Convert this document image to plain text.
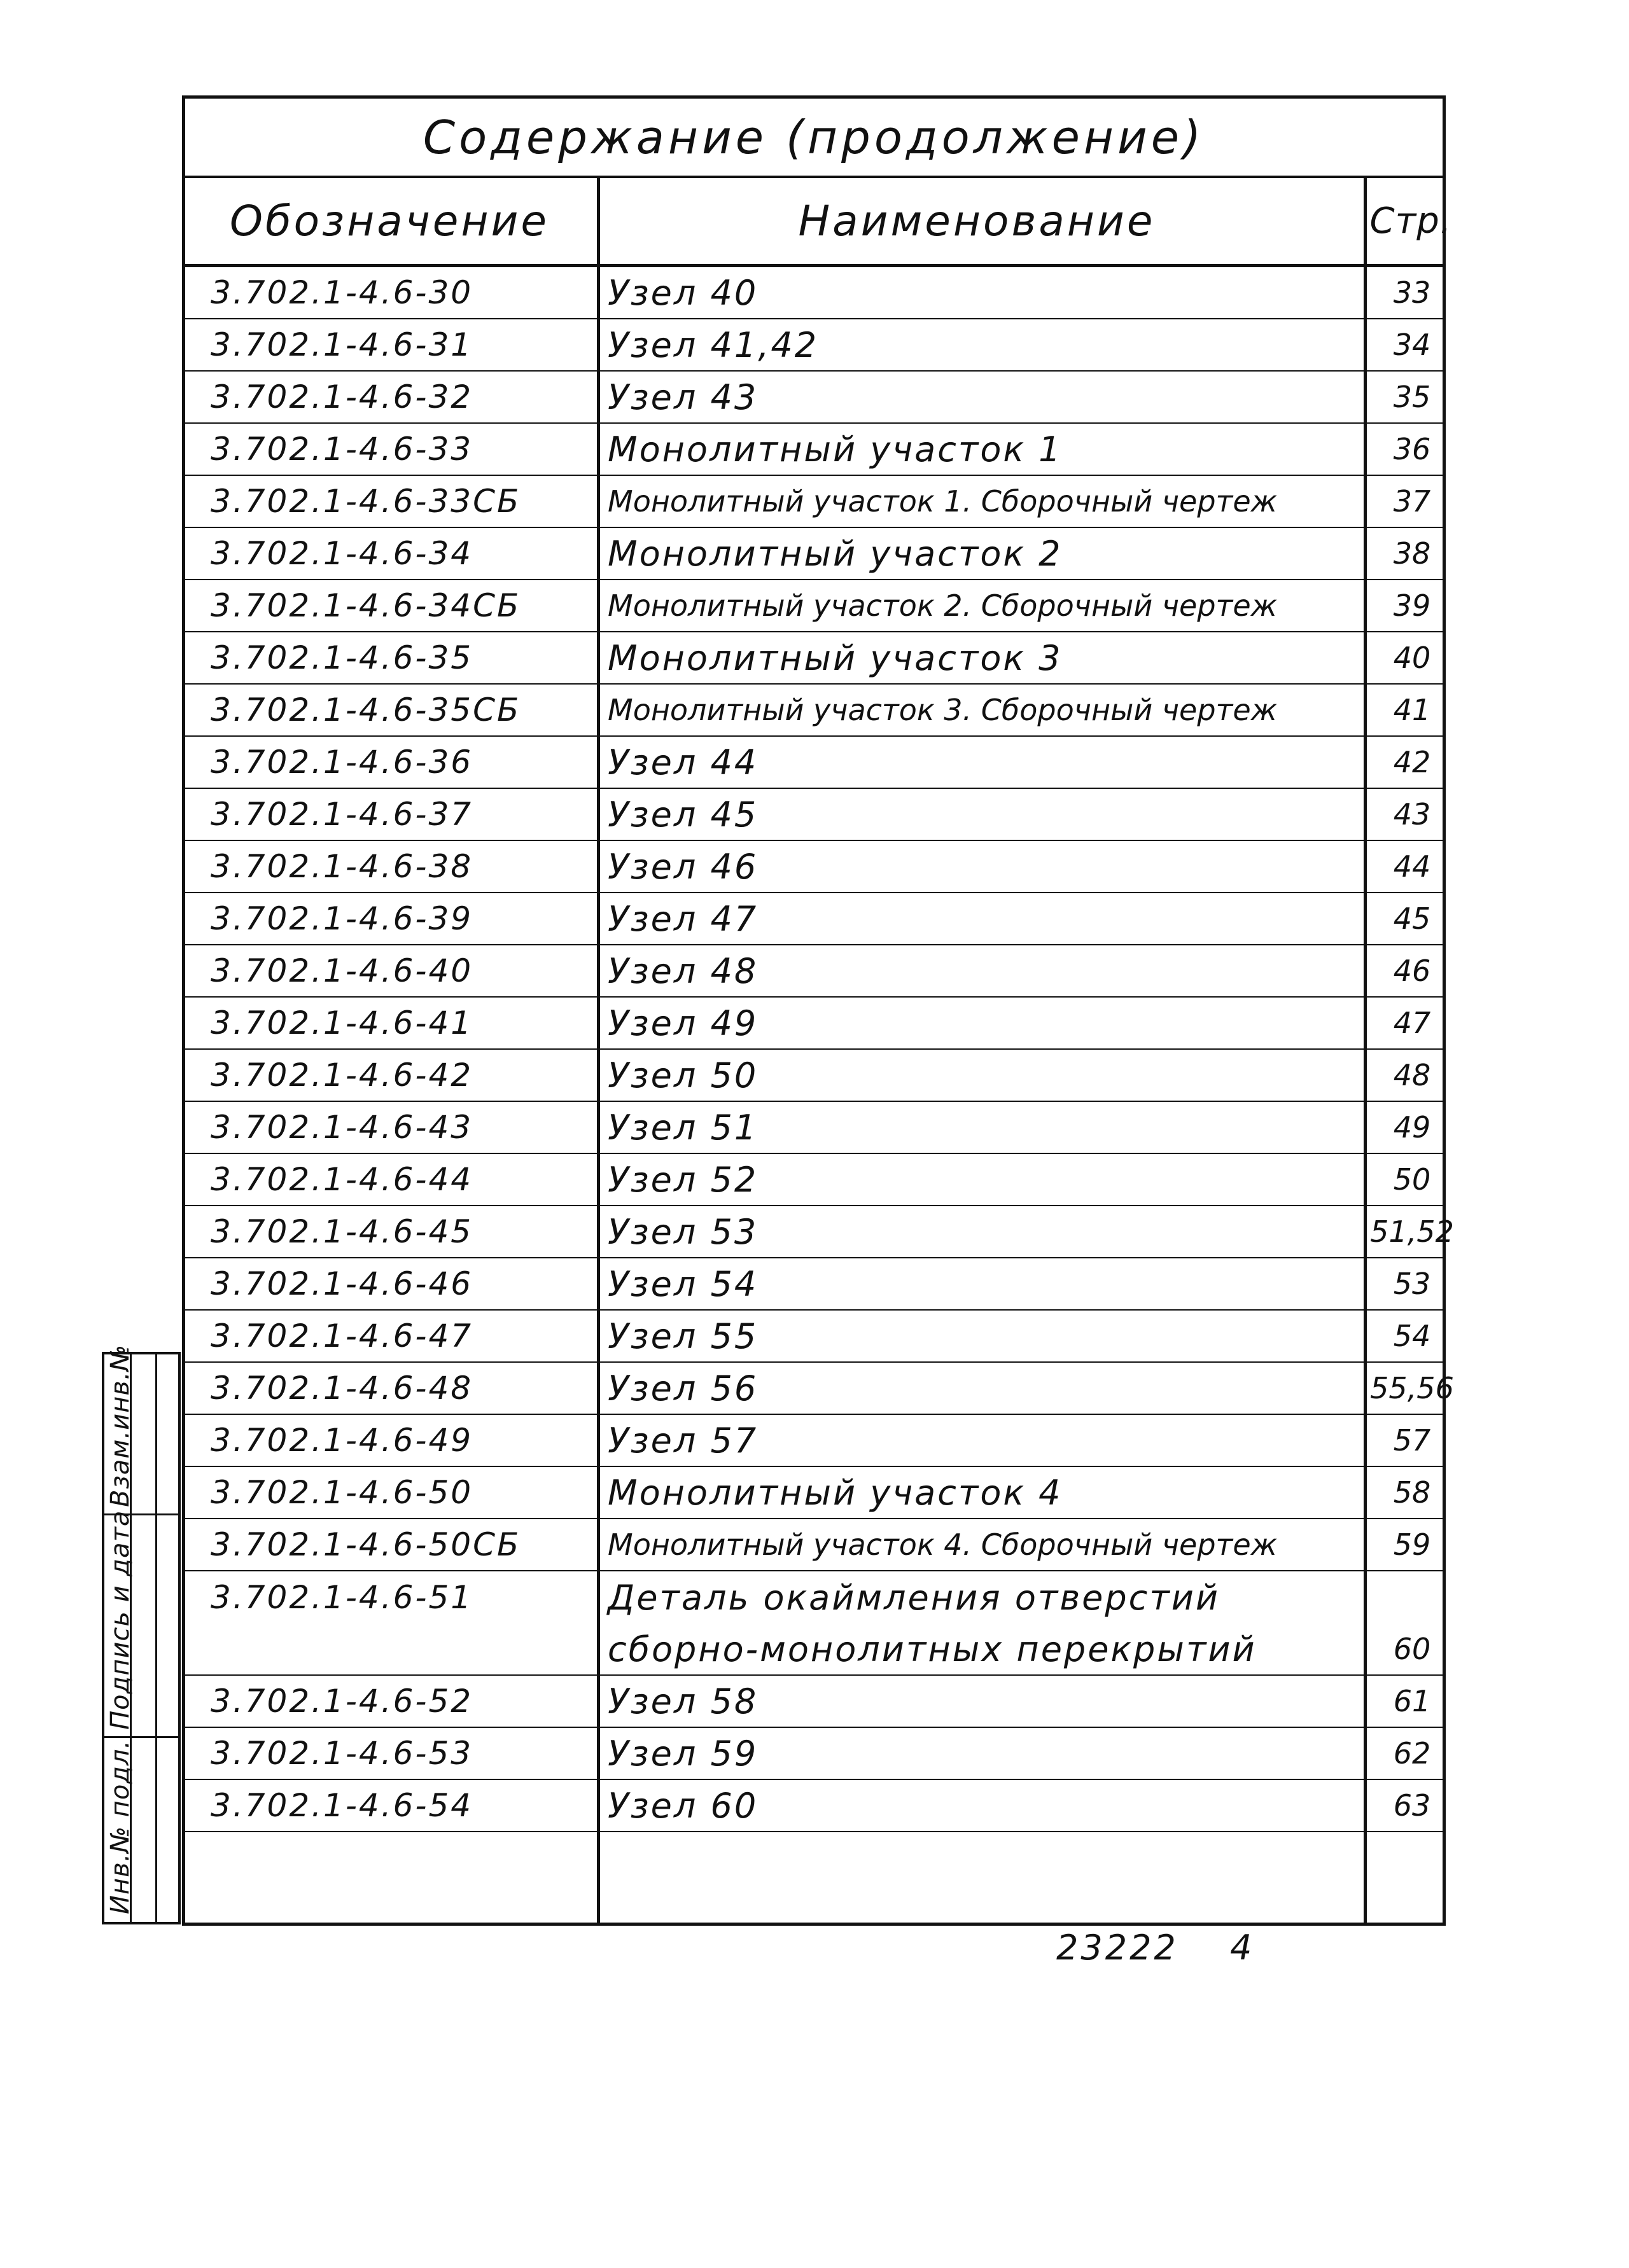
Содержание (продолжение)
Обозначение	Наименование	Стр.
3.702.1-4.6-30	Узел 40	33
3.702.1-4.6-31	Узел 41,42	34
3.702.1-4.6-32	Узел 43	35
3.702.1-4.6-33	Монолитный участок 1	36
3.702.1-4.6-33СБ	Монолитный участок 1. Сборочный чертеж	37
3.702.1-4.6-34	Монолитный участок 2	38
3.702.1-4.6-34СБ	Монолитный участок 2. Сборочный чертеж	39
3.702.1-4.6-35	Монолитный участок 3	40
3.702.1-4.6-35СБ	Монолитный участок 3. Сборочный чертеж	41
3.702.1-4.6-36	Узел 44	42
3.702.1-4.6-37	Узел 45	43
3.702.1-4.6-38	Узел 46	44
3.702.1-4.6-39	Узел 47	45
3.702.1-4.6-40	Узел 48	46
3.702.1-4.6-41	Узел 49	47
3.702.1-4.6-42	Узел 50	48
3.702.1-4.6-43	Узел 51	49
3.702.1-4.6-44	Узел 52	50
3.702.1-4.6-45	Узел 53	51,52
3.702.1-4.6-46	Узел 54	53
3.702.1-4.6-47	Узел 55	54
3.702.1-4.6-48	Узел 56	55,56
3.702.1-4.6-49	Узел 57	57
3.702.1-4.6-50	Монолитный участок 4	58
3.702.1-4.6-50СБ	Монолитный участок 4. Сборочный чертеж	59
3.702.1-4.6-51	Деталь окаймления отверстий
сборно-монолитных перекрытий	60
3.702.1-4.6-52	Узел 58	61
3.702.1-4.6-53	Узел 59	62
3.702.1-4.6-54	Узел 60	63
Инв.№ подл.
Подпись и дата
Взам.инв.№
23222 4
